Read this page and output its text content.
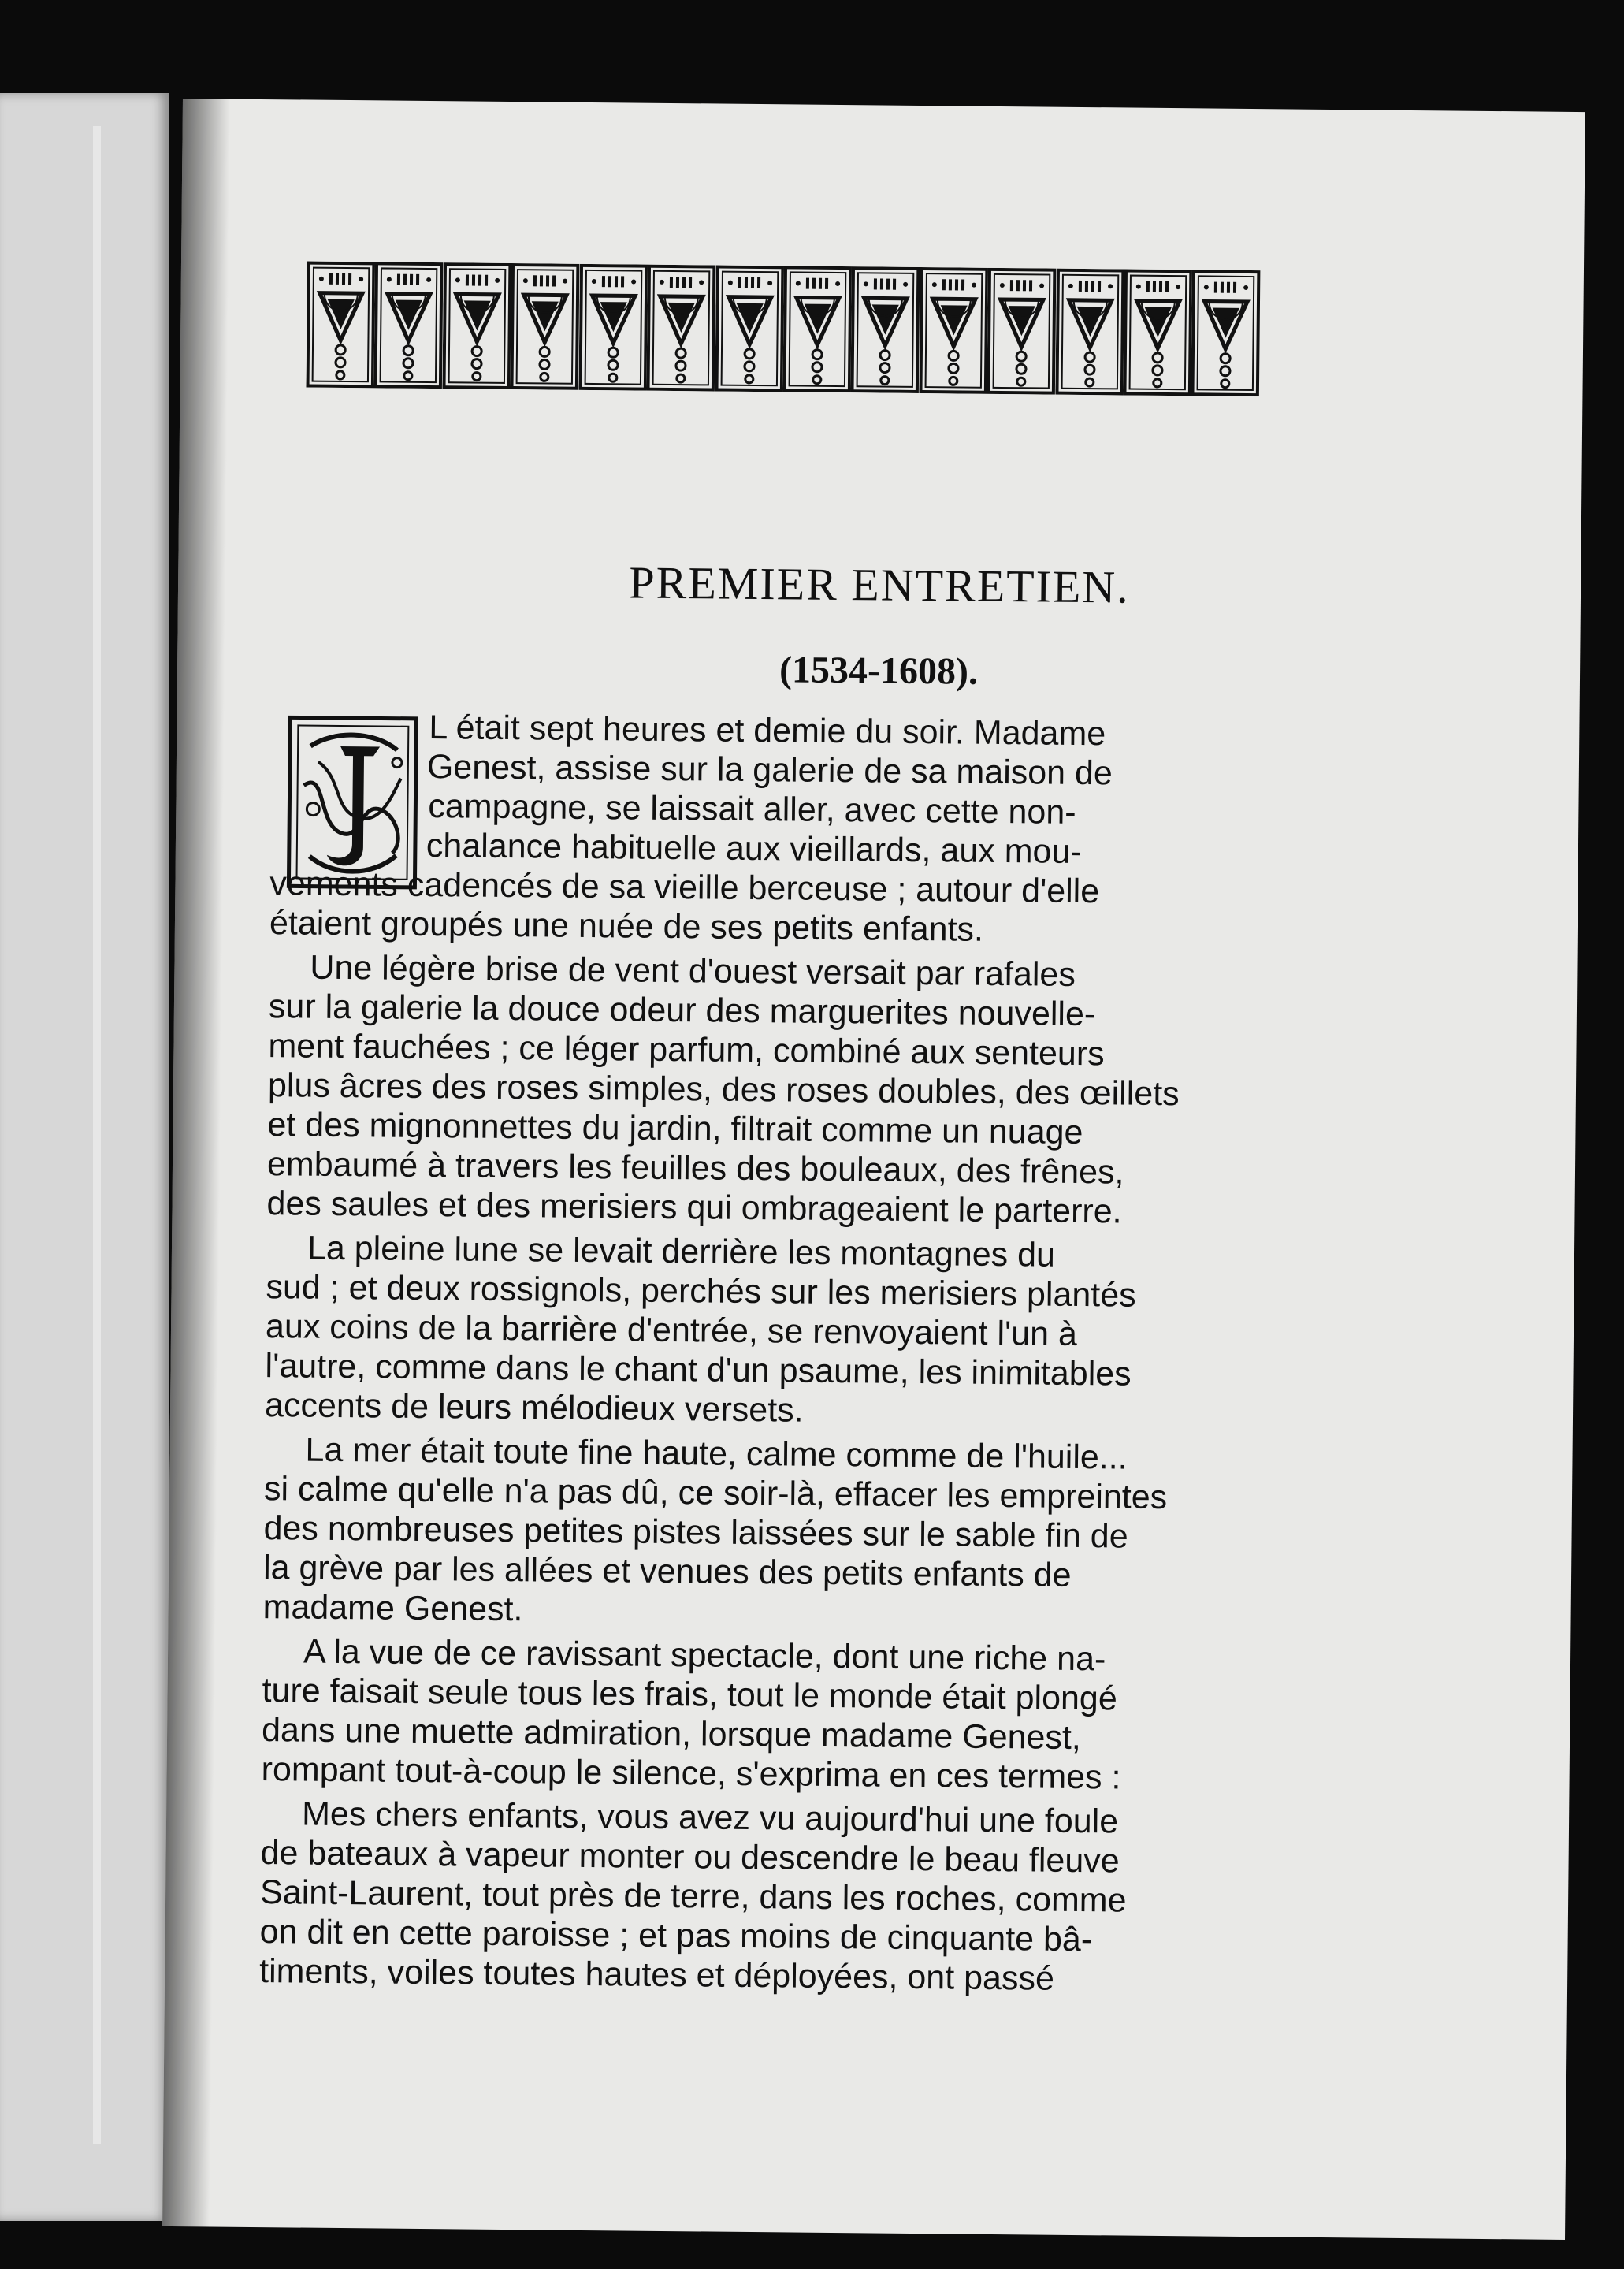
PREMIER ENTRETIEN.
(1534-1608).
L était sept heures et demie du soir. Madame
Genest, assise sur la galerie de sa maison de
campagne, se laissait aller, avec cette non-
chalance habituelle aux vieillards, aux mou-
vements cadencés de sa vieille berceuse ; autour d'elle
étaient groupés une nuée de ses petits enfants.
Une légère brise de vent d'ouest versait par rafales
sur la galerie la douce odeur des marguerites nouvelle-
ment fauchées ; ce léger parfum, combiné aux senteurs
plus âcres des roses simples, des roses doubles, des œillets
et des mignonnettes du jardin, filtrait comme un nuage
embaumé à travers les feuilles des bouleaux, des frênes,
des saules et des merisiers qui ombrageaient le parterre.
La pleine lune se levait derrière les montagnes du
sud ; et deux rossignols, perchés sur les merisiers plantés
aux coins de la barrière d'entrée, se renvoyaient l'un à
l'autre, comme dans le chant d'un psaume, les inimitables
accents de leurs mélodieux versets.
La mer était toute fine haute, calme comme de l'huile...
si calme qu'elle n'a pas dû, ce soir-là, effacer les empreintes
des nombreuses petites pistes laissées sur le sable fin de
la grève par les allées et venues des petits enfants de
madame Genest.
A la vue de ce ravissant spectacle, dont une riche na-
ture faisait seule tous les frais, tout le monde était plongé
dans une muette admiration, lorsque madame Genest,
rompant tout-à-coup le silence, s'exprima en ces termes :
Mes chers enfants, vous avez vu aujourd'hui une foule
de bateaux à vapeur monter ou descendre le beau fleuve
Saint-Laurent, tout près de terre, dans les roches, comme
on dit en cette paroisse ; et pas moins de cinquante bâ-
timents, voiles toutes hautes et déployées, ont passé
